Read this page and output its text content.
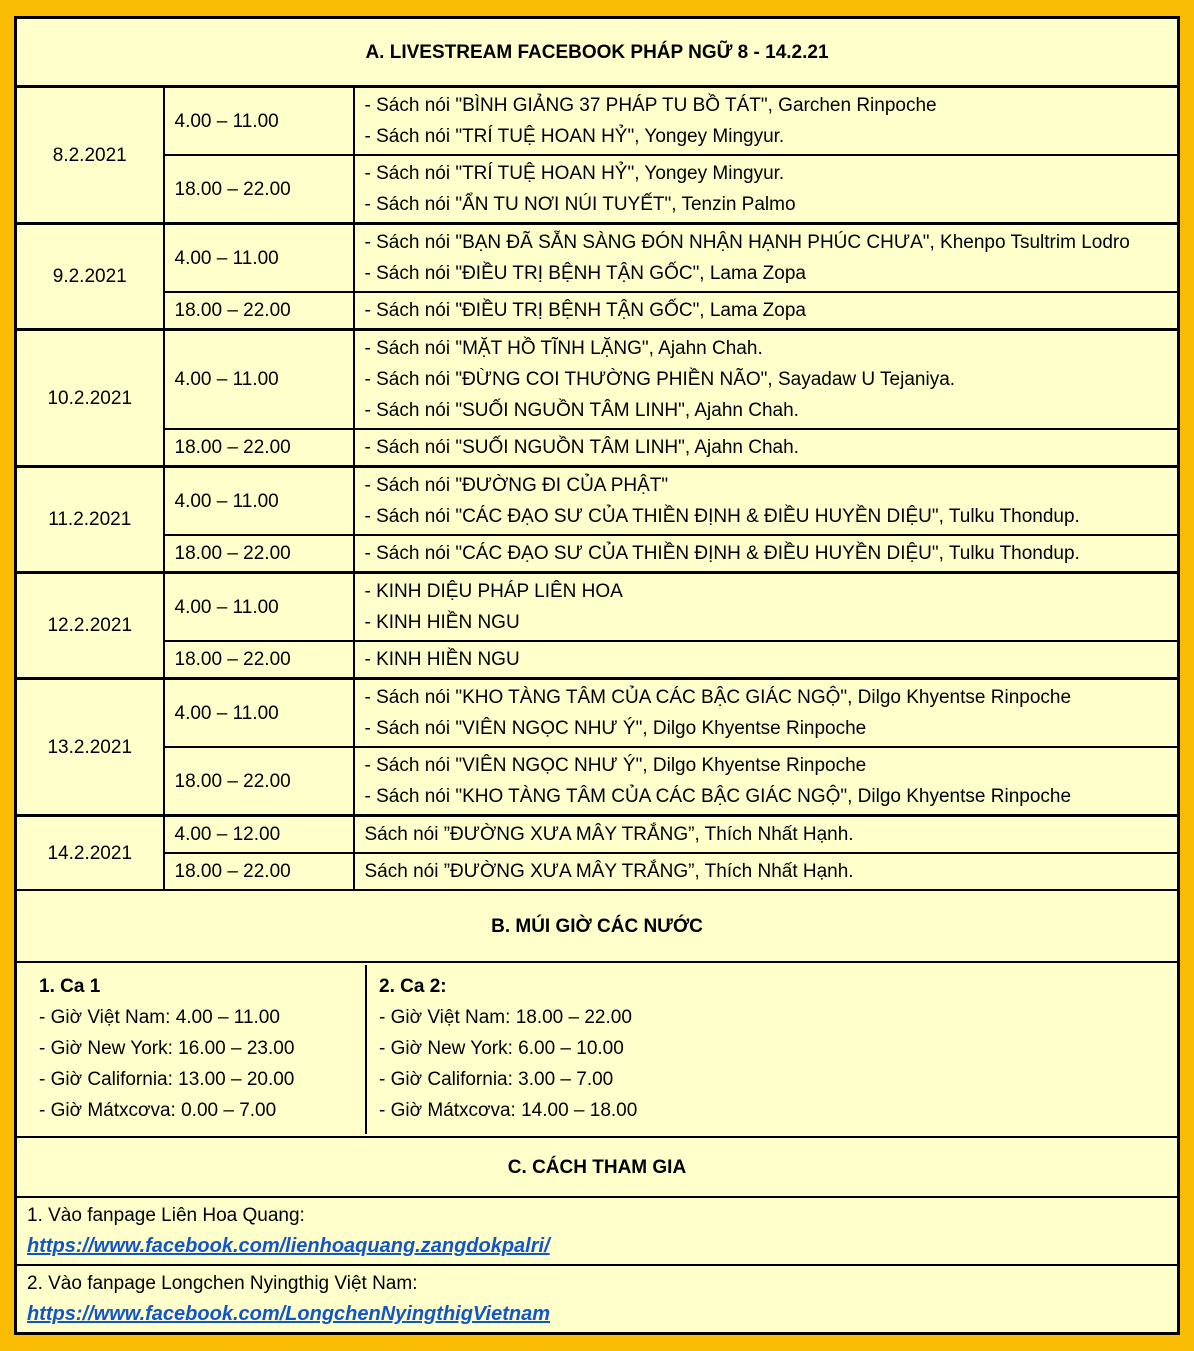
A. LIVESTREAM FACEBOOK PHÁP NGỮ 8 - 14.2.21		
8.2.2021	4.00 – 11.00	- Sách nói "BÌNH GIẢNG 37 PHÁP TU BỒ TÁT", Garchen Rinpoche
- Sách nói "TRÍ TUỆ HOAN HỶ", Yongey Mingyur.

	18.00 – 22.00	- Sách nói "TRÍ TUỆ HOAN HỶ", Yongey Mingyur.
- Sách nói "ẨN TU NƠI NÚI TUYẾT", Tenzin Palmo

9.2.2021	4.00 – 11.00	- Sách nói "BẠN ĐÃ SẴN SÀNG ĐÓN NHẬN HẠNH PHÚC CHƯA", Khenpo Tsultrim Lodro
- Sách nói "ĐIỀU TRỊ BỆNH TẬN GỐC", Lama Zopa

	18.00 – 22.00	- Sách nói "ĐIỀU TRỊ BỆNH TẬN GỐC", Lama Zopa

10.2.2021	4.00 – 11.00	- Sách nói "MẶT HỒ TĨNH LẶNG", Ajahn Chah.
- Sách nói "ĐỪNG COI THƯỜNG PHIỀN NÃO", Sayadaw U Tejaniya.
- Sách nói "SUỐI NGUỒN TÂM LINH", Ajahn Chah.

	18.00 – 22.00	- Sách nói "SUỐI NGUỒN TÂM LINH", Ajahn Chah.

11.2.2021	4.00 – 11.00	- Sách nói "ĐƯỜNG ĐI CỦA PHẬT"
- Sách nói "CÁC ĐẠO SƯ CỦA THIỀN ĐỊNH & ĐIỀU HUYỀN DIỆU", Tulku Thondup.

	18.00 – 22.00	- Sách nói "CÁC ĐẠO SƯ CỦA THIỀN ĐỊNH & ĐIỀU HUYỀN DIỆU", Tulku Thondup.

12.2.2021	4.00 – 11.00	- KINH DIỆU PHÁP LIÊN HOA
- KINH HIỀN NGU

	18.00 – 22.00	- KINH HIỀN NGU

13.2.2021	4.00 – 11.00	- Sách nói "KHO TÀNG TÂM CỦA CÁC BẬC GIÁC NGỘ", Dilgo Khyentse Rinpoche
- Sách nói "VIÊN NGỌC NHƯ Ý", Dilgo Khyentse Rinpoche

	18.00 – 22.00	- Sách nói "VIÊN NGỌC NHƯ Ý", Dilgo Khyentse Rinpoche
- Sách nói "KHO TÀNG TÂM CỦA CÁC BẬC GIÁC NGỘ", Dilgo Khyentse Rinpoche

14.2.2021	4.00 – 12.00	Sách nói ”ĐƯỜNG XƯA MÂY TRẮNG”, Thích Nhất Hạnh.

	18.00 – 22.00	Sách nói ”ĐƯỜNG XƯA MÂY TRẮNG”, Thích Nhất Hạnh.

B. MÚI GIỜ CÁC NƯỚC		

1. Ca 1
- Giờ Việt Nam: 4.00 – 11.00
- Giờ New York: 16.00 – 23.00
- Giờ California: 13.00 – 20.00
- Giờ Mátxcơva: 0.00 – 7.00
2. Ca 2:
- Giờ Việt Nam: 18.00 – 22.00
- Giờ New York: 6.00 – 10.00
- Giờ California: 3.00 – 7.00
- Giờ Mátxcơva: 14.00 – 18.00

C. CÁCH THAM GIA		

1. Vào fanpage Liên Hoa Quang:
https://www.facebook.com/lienhoaquang.zangdokpalri/		

2. Vào fanpage Longchen Nyingthig Việt Nam:
https://www.facebook.com/LongchenNyingthigVietnam		
